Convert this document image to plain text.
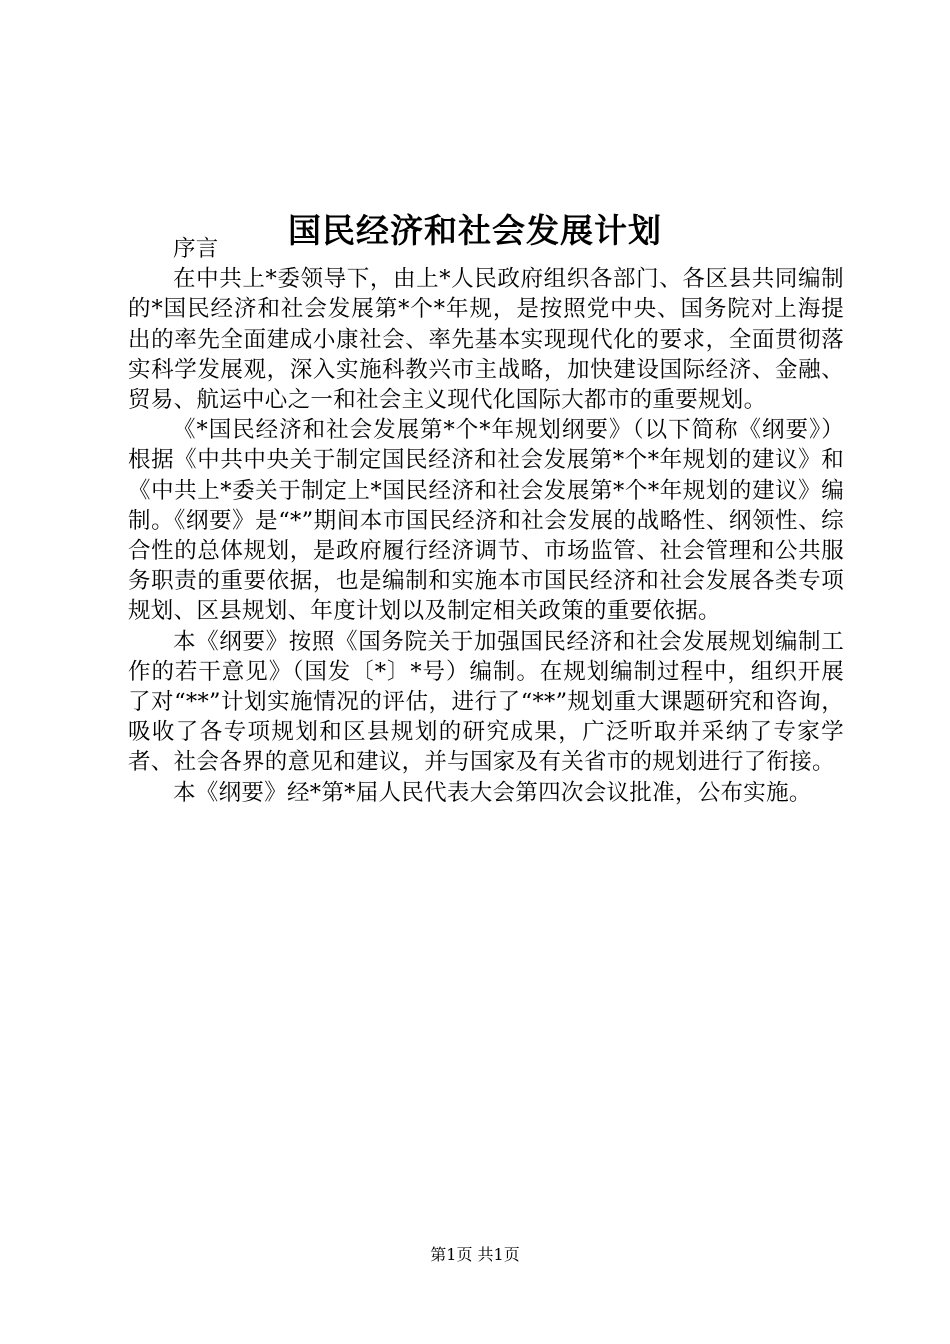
国民经济和社会发展计划

序言

在中共上*委领导下，由上*人民政府组织各部门、各区县共同编制的*国民经济和社会发展第*个*年规，是按照党中央、国务院对上海提出的率先全面建成小康社会、率先基本实现现代化的要求，全面贯彻落实科学发展观，深入实施科教兴市主战略，加快建设国际经济、金融、贸易、航运中心之一和社会主义现代化国际大都市的重要规划。

《*国民经济和社会发展第*个*年规划纲要》（以下简称《纲要》）根据《中共中央关于制定国民经济和社会发展第*个*年规划的建议》和《中共上*委关于制定上*国民经济和社会发展第*个*年规划的建议》编制。《纲要》是“*”期间本市国民经济和社会发展的战略性、纲领性、综合性的总体规划，是政府履行经济调节、市场监管、社会管理和公共服务职责的重要依据，也是编制和实施本市国民经济和社会发展各类专项规划、区县规划、年度计划以及制定相关政策的重要依据。

本《纲要》按照《国务院关于加强国民经济和社会发展规划编制工作的若干意见》（国发〔*〕*号）编制。在规划编制过程中，组织开展了对“**”计划实施情况的评估，进行了“**”规划重大课题研究和咨询，吸收了各专项规划和区县规划的研究成果，广泛听取并采纳了专家学者、社会各界的意见和建议，并与国家及有关省市的规划进行了衔接。

本《纲要》经*第*届人民代表大会第四次会议批准，公布实施。

第1页 共1页
